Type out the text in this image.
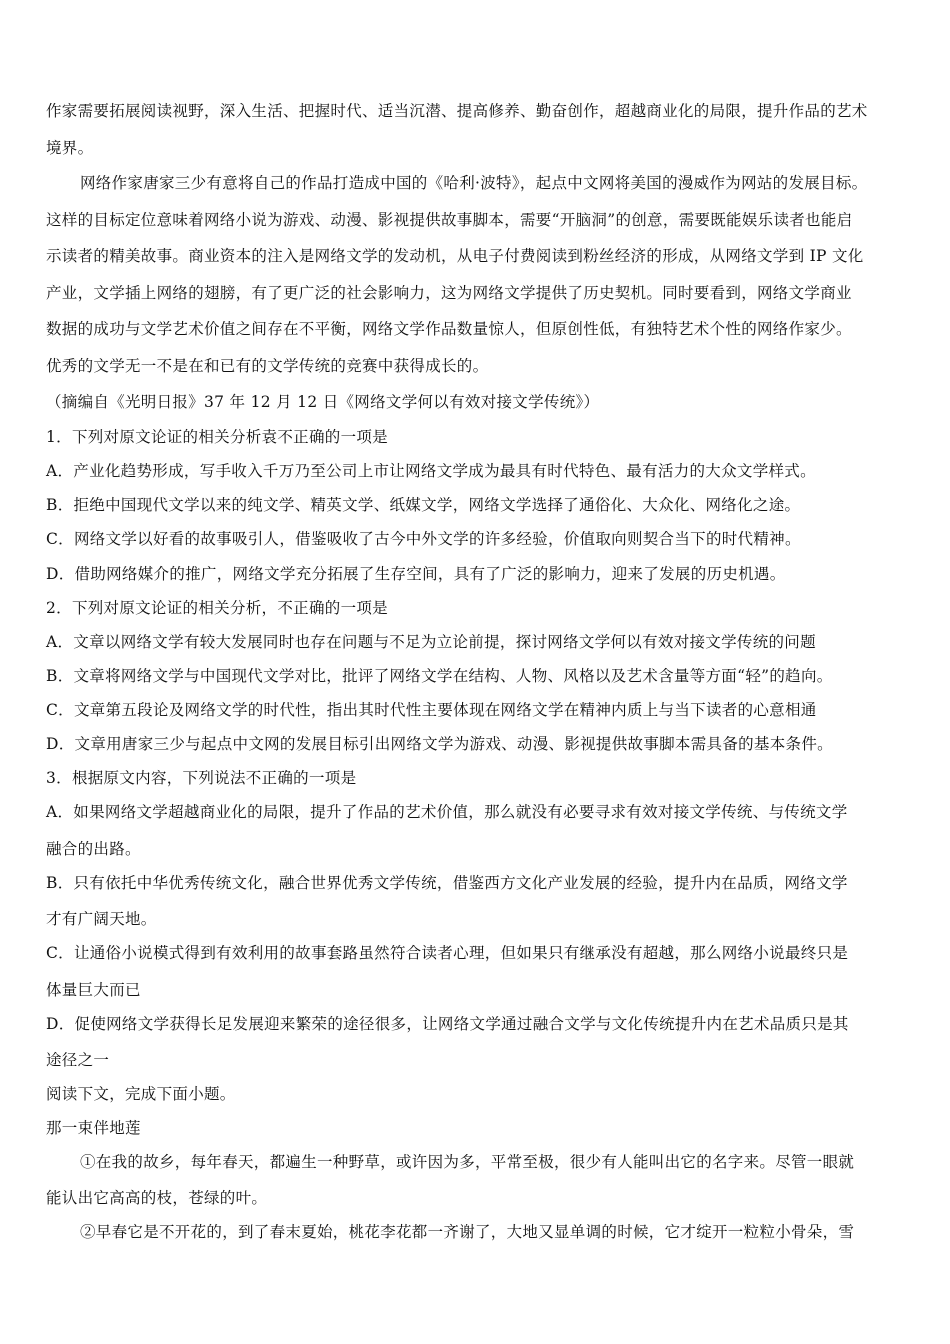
作家需要拓展阅读视野，深入生活、把握时代、适当沉潜、提高修养、勤奋创作，超越商业化的局限，提升作品的艺术
境界。
网络作家唐家三少有意将自己的作品打造成中国的《哈利·波特》，起点中文网将美国的漫威作为网站的发展目标。
这样的目标定位意味着网络小说为游戏、动漫、影视提供故事脚本，需要“开脑洞”的创意，需要既能娱乐读者也能启
示读者的精美故事。商业资本的注入是网络文学的发动机，从电子付费阅读到粉丝经济的形成，从网络文学到 IP 文化
产业，文学插上网络的翅膀，有了更广泛的社会影响力，这为网络文学提供了历史契机。同时要看到，网络文学商业
数据的成功与文学艺术价值之间存在不平衡，网络文学作品数量惊人，但原创性低，有独特艺术个性的网络作家少。
优秀的文学无一不是在和已有的文学传统的竞赛中获得成长的。
（摘编自《光明日报》37 年 12 月 12 日《网络文学何以有效对接文学传统》）
1．下列对原文论证的相关分析袁不正确的一项是
A．产业化趋势形成，写手收入千万乃至公司上市让网络文学成为最具有时代特色、最有活力的大众文学样式。
B．拒绝中国现代文学以来的纯文学、精英文学、纸媒文学，网络文学选择了通俗化、大众化、网络化之途。
C．网络文学以好看的故事吸引人，借鉴吸收了古今中外文学的许多经验，价值取向则契合当下的时代精神。
D．借助网络媒介的推广，网络文学充分拓展了生存空间，具有了广泛的影响力，迎来了发展的历史机遇。
2．下列对原文论证的相关分析，不正确的一项是
A．文章以网络文学有较大发展同时也存在问题与不足为立论前提，探讨网络文学何以有效对接文学传统的问题
B．文章将网络文学与中国现代文学对比，批评了网络文学在结构、人物、风格以及艺术含量等方面“轻”的趋向。
C．文章第五段论及网络文学的时代性，指出其时代性主要体现在网络文学在精神内质上与当下读者的心意相通
D．文章用唐家三少与起点中文网的发展目标引出网络文学为游戏、动漫、影视提供故事脚本需具备的基本条件。
3．根据原文内容，下列说法不正确的一项是
A．如果网络文学超越商业化的局限，提升了作品的艺术价值，那么就没有必要寻求有效对接文学传统、与传统文学
融合的出路。
B．只有依托中华优秀传统文化，融合世界优秀文学传统，借鉴西方文化产业发展的经验，提升内在品质，网络文学
才有广阔天地。
C．让通俗小说模式得到有效利用的故事套路虽然符合读者心理，但如果只有继承没有超越，那么网络小说最终只是
体量巨大而已
D．促使网络文学获得长足发展迎来繁荣的途径很多，让网络文学通过融合文学与文化传统提升内在艺术品质只是其
途径之一
阅读下文，完成下面小题。
那一束伴地莲
①在我的故乡，每年春天，都遍生一种野草，或许因为多，平常至极，很少有人能叫出它的名字来。尽管一眼就
能认出它高高的枝，苍绿的叶。
②早春它是不开花的，到了春末夏始，桃花李花都一齐谢了，大地又显单调的时候，它才绽开一粒粒小骨朵，雪
